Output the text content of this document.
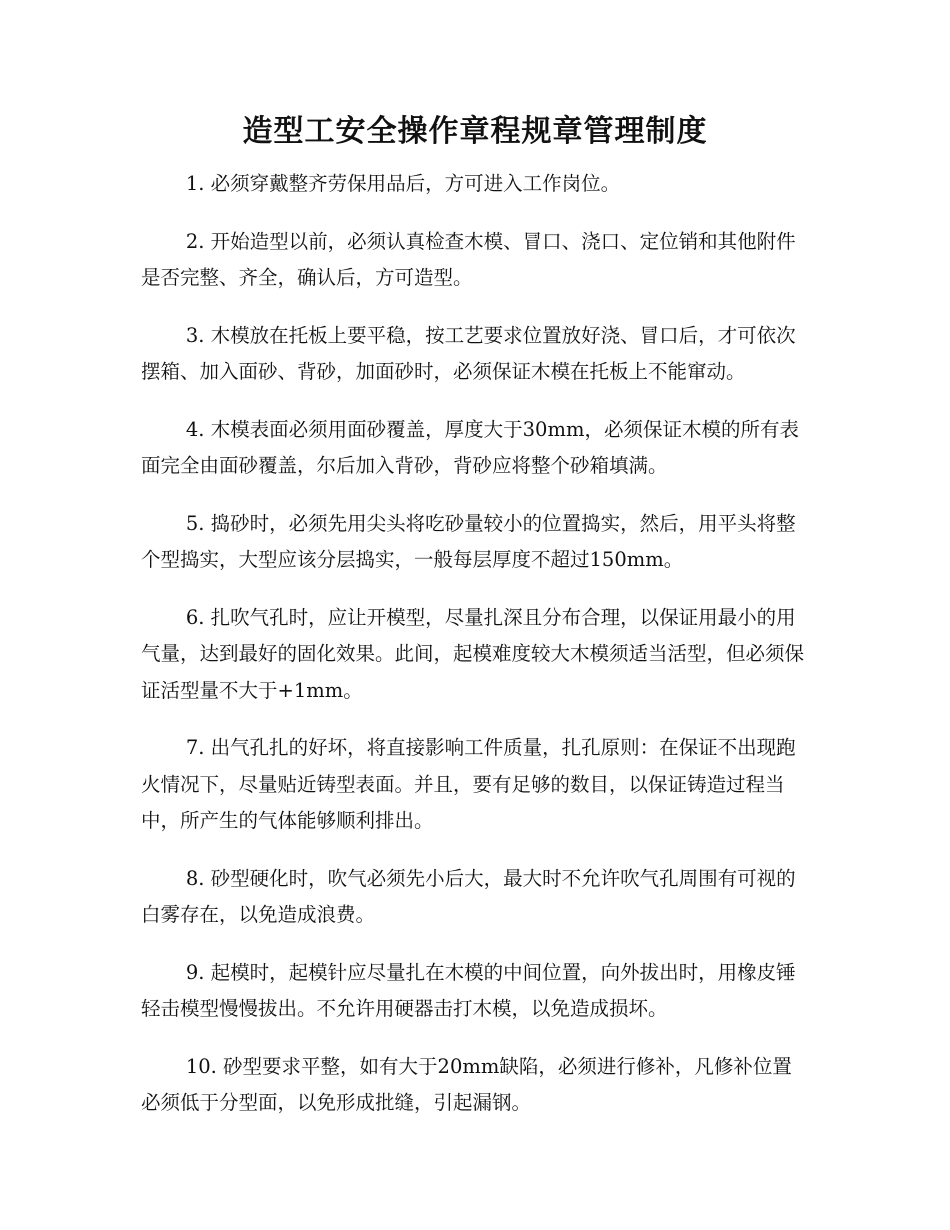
造型工安全操作章程规章管理制度

1. 必须穿戴整齐劳保用品后，方可进入工作岗位。

2. 开始造型以前，必须认真检查木模、冒口、浇口、定位销和其他附件是否完整、齐全，确认后，方可造型。

3. 木模放在托板上要平稳，按工艺要求位置放好浇、冒口后，才可依次摆箱、加入面砂、背砂，加面砂时，必须保证木模在托板上不能窜动。

4. 木模表面必须用面砂覆盖，厚度大于30mm，必须保证木模的所有表面完全由面砂覆盖，尔后加入背砂，背砂应将整个砂箱填满。

5. 捣砂时，必须先用尖头将吃砂量较小的位置捣实，然后，用平头将整个型捣实，大型应该分层捣实，一般每层厚度不超过150mm。

6. 扎吹气孔时，应让开模型，尽量扎深且分布合理，以保证用最小的用气量，达到最好的固化效果。此间，起模难度较大木模须适当活型，但必须保证活型量不大于+1mm。

7. 出气孔扎的好坏，将直接影响工件质量，扎孔原则：在保证不出现跑火情况下，尽量贴近铸型表面。并且，要有足够的数目，以保证铸造过程当中，所产生的气体能够顺利排出。

8. 砂型硬化时，吹气必须先小后大，最大时不允许吹气孔周围有可视的白雾存在，以免造成浪费。

9. 起模时，起模针应尽量扎在木模的中间位置，向外拔出时，用橡皮锤轻击模型慢慢拔出。不允许用硬器击打木模，以免造成损坏。

10. 砂型要求平整，如有大于20mm缺陷，必须进行修补，凡修补位置必须低于分型面，以免形成批缝，引起漏钢。
